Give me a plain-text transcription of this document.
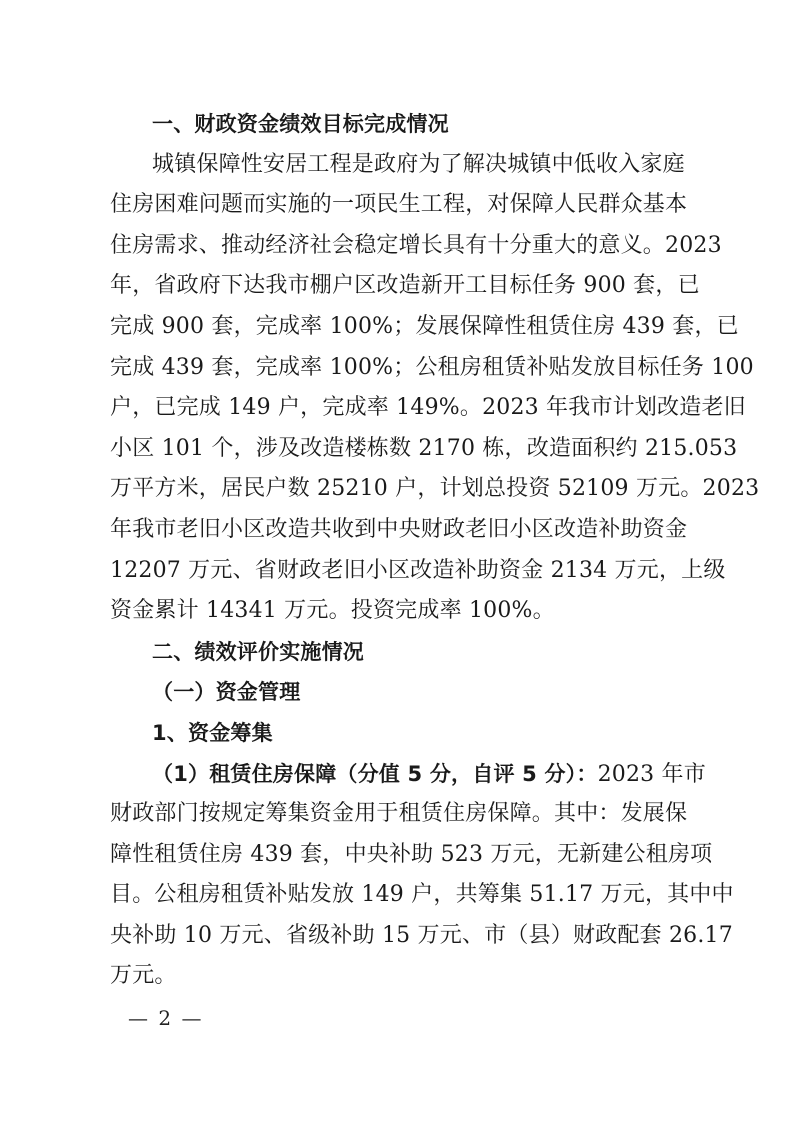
一、财政资金绩效目标完成情况
城镇保障性安居工程是政府为了解决城镇中低收入家庭
住房困难问题而实施的一项民生工程，对保障人民群众基本
住房需求、推动经济社会稳定增长具有十分重大的意义。2023
年，省政府下达我市棚户区改造新开工目标任务 900 套，已
完成 900 套，完成率 100%；发展保障性租赁住房 439 套，已
完成 439 套，完成率 100%；公租房租赁补贴发放目标任务 100
户，已完成 149 户，完成率 149%。2023 年我市计划改造老旧
小区 101 个，涉及改造楼栋数 2170 栋，改造面积约 215.053
万平方米，居民户数 25210 户，计划总投资 52109 万元。2023
年我市老旧小区改造共收到中央财政老旧小区改造补助资金
12207 万元、省财政老旧小区改造补助资金 2134 万元，上级
资金累计 14341 万元。投资完成率 100%。
二、绩效评价实施情况
（一）资金管理
1、资金筹集
（1）租赁住房保障（分值 5 分，自评 5 分）：2023 年市
财政部门按规定筹集资金用于租赁住房保障。其中：发展保
障性租赁住房 439 套，中央补助 523 万元，无新建公租房项
目。公租房租赁补贴发放 149 户，共筹集 51.17 万元，其中中
央补助 10 万元、省级补助 15 万元、市（县）财政配套 26.17
万元。
— 2 —
